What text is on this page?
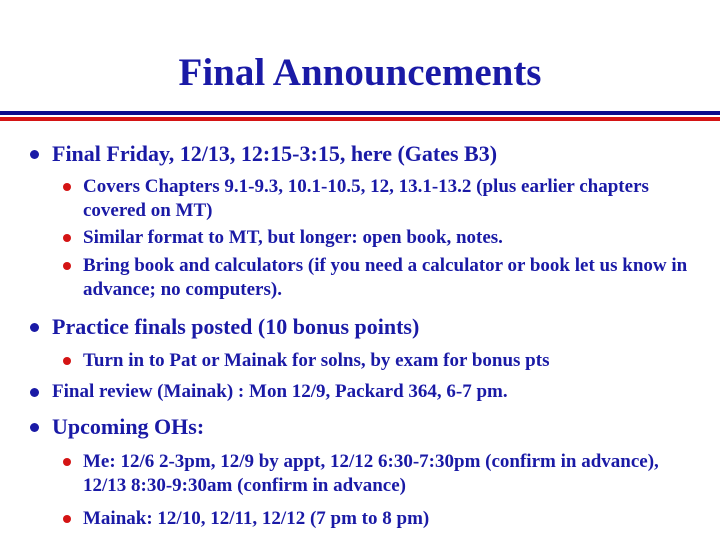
Final Announcements
Final Friday, 12/13, 12:15-3:15, here (Gates B3)
Covers Chapters 9.1-9.3, 10.1-10.5, 12, 13.1-13.2 (plus earlier chapters covered on MT)
Similar format to MT, but longer: open book, notes.
Bring book and calculators (if you need a calculator or book let us know in advance; no computers).
Practice finals posted (10 bonus points)
Turn in to Pat or Mainak for solns, by exam for bonus pts
Final review (Mainak) : Mon 12/9, Packard 364, 6-7 pm.
Upcoming OHs:
Me: 12/6 2-3pm, 12/9 by appt, 12/12 6:30-7:30pm (confirm in advance), 12/13 8:30-9:30am (confirm in advance)
Mainak: 12/10, 12/11, 12/12 (7 pm to 8 pm)
